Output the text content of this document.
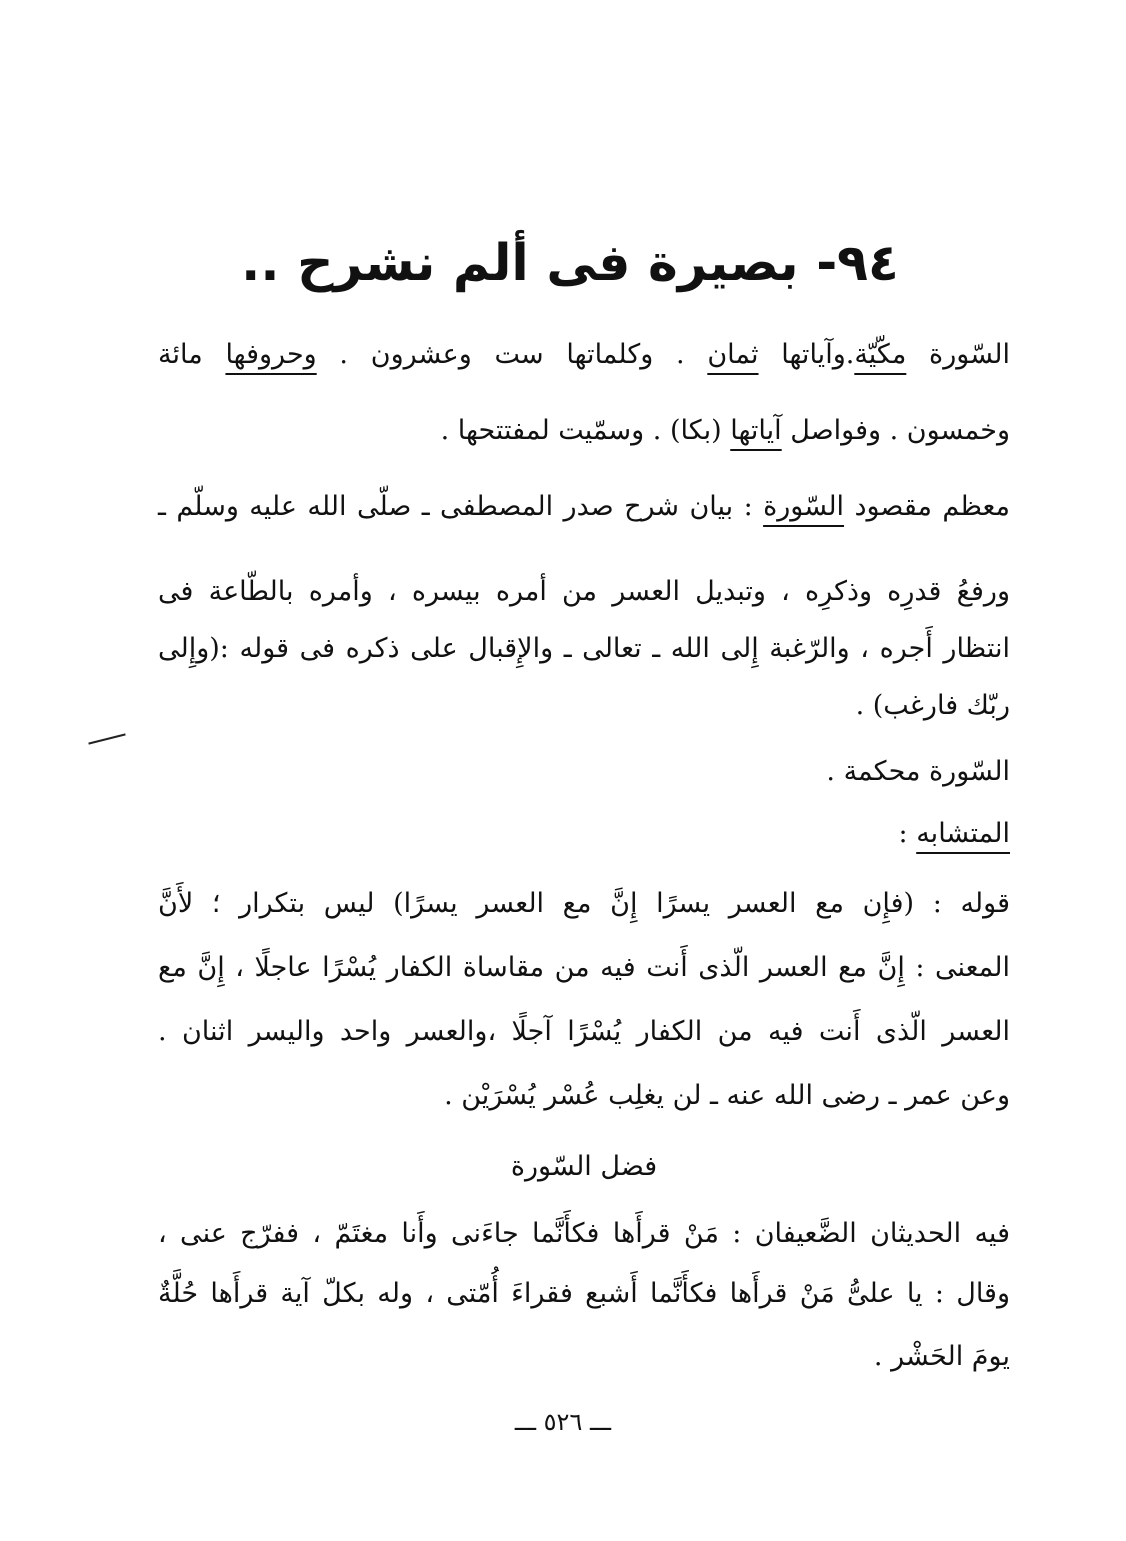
٩٤- بصيرة فى ألم نشرح ..
السّورة مكّيّة.وآياتها ثمان . وكلماتها ست وعشرون . وحروفها مائة
وخمسون . وفواصل آياتها (بكا) . وسمّيت لمفتتحها .
معظم مقصود السّورة : بيان شرح صدر المصطفى ـ صلّى الله عليه وسلّم ـ
ورفعُ قدرِه وذكرِه ، وتبديل العسر من أمره بيسره ، وأمره بالطّاعة فى
انتظار أَجره ، والرّغبة إِلى الله ـ تعالى ـ والإِقبال على ذكره فى قوله :(وإِلى
ربّك فارغب) .
السّورة محكمة .
المتشابه :
قوله : (فإِن مع العسر يسرًا إِنَّ مع العسر يسرًا) ليس بتكرار ؛ لأَنَّ
المعنى : إِنَّ مع العسر الّذى أَنت فيه من مقاساة الكفار يُسْرًا عاجلًا ، إِنَّ مع
العسر الّذى أَنت فيه من الكفار يُسْرًا آجلًا ،والعسر واحد واليسر اثنان .
وعن عمر ـ رضى الله عنه ـ لن يغلِب عُسْر يُسْرَيْن .
فضل السّورة
فيه الحديثان الضَّعيفان : مَنْ قرأَها فكأَنَّما جاءَنى وأَنا مغتَمّ ، ففرّج عنى ،
وقال : يا علىُّ مَنْ قرأَها فكأَنَّما أَشبع فقراءَ أُمّتى ، وله بكلّ آية قرأَها حُلَّةٌ
يومَ الحَشْر .
ـــ ٥٢٦ ـــ
